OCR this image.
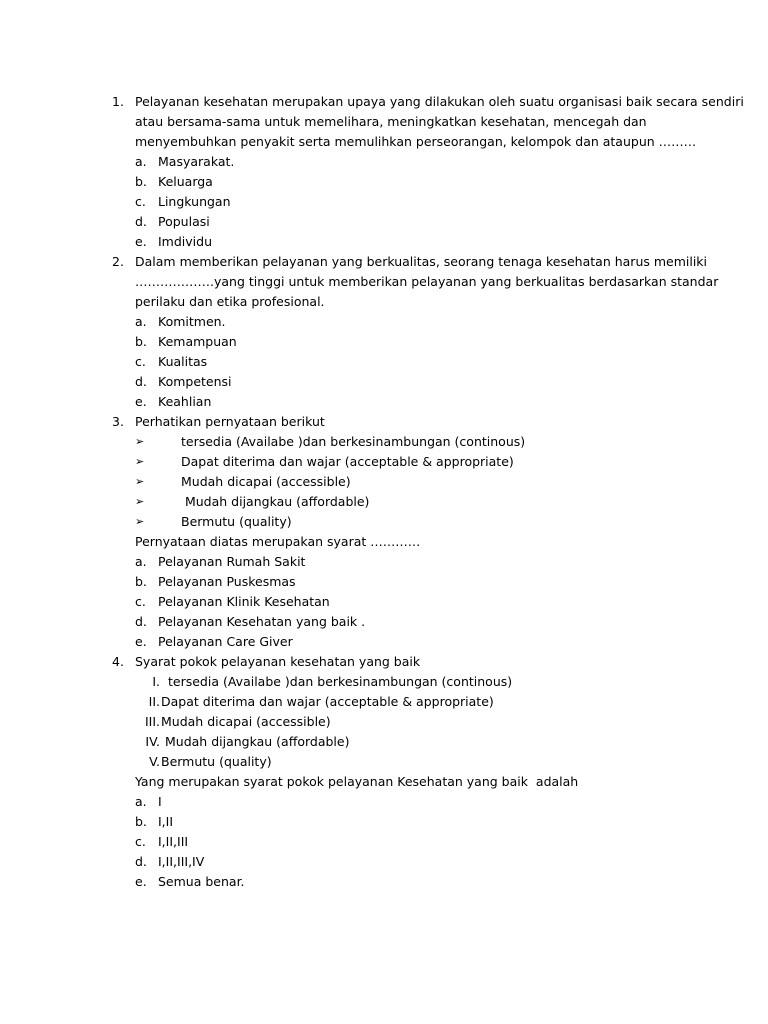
1. Pelayanan kesehatan merupakan upaya yang dilakukan oleh suatu organisasi baik secara sendiri
atau bersama-sama untuk memelihara, meningkatkan kesehatan, mencegah dan
menyembuhkan penyakit serta memulihkan perseorangan, kelompok dan ataupun ………
a. Masyarakat.
b. Keluarga
c. Lingkungan
d. Populasi
e. Imdividu
2. Dalam memberikan pelayanan yang berkualitas, seorang tenaga kesehatan harus memiliki
……………….yang tinggi untuk memberikan pelayanan yang berkualitas berdasarkan standar
perilaku dan etika profesional.
a. Komitmen.
b. Kemampuan
c. Kualitas
d. Kompetensi
e. Keahlian
3. Perhatikan pernyataan berikut
➢	tersedia (Availabe )dan berkesinambungan (continous)
➢	Dapat diterima dan wajar (acceptable & appropriate)
➢	Mudah dicapai (accessible)
➢	Mudah dijangkau (affordable)
➢	Bermutu (quality)
Pernyataan diatas merupakan syarat …………
a. Pelayanan Rumah Sakit
b. Pelayanan Puskesmas
c. Pelayanan Klinik Kesehatan
d. Pelayanan Kesehatan yang baik .
e. Pelayanan Care Giver
4. Syarat pokok pelayanan kesehatan yang baik
I. tersedia (Availabe )dan berkesinambungan (continous)
II. Dapat diterima dan wajar (acceptable & appropriate)
III. Mudah dicapai (accessible)
IV. Mudah dijangkau (affordable)
V. Bermutu (quality)
Yang merupakan syarat pokok pelayanan Kesehatan yang baik  adalah
a. I
b. I,II
c. I,II,III
d. I,II,III,IV
e. Semua benar.
